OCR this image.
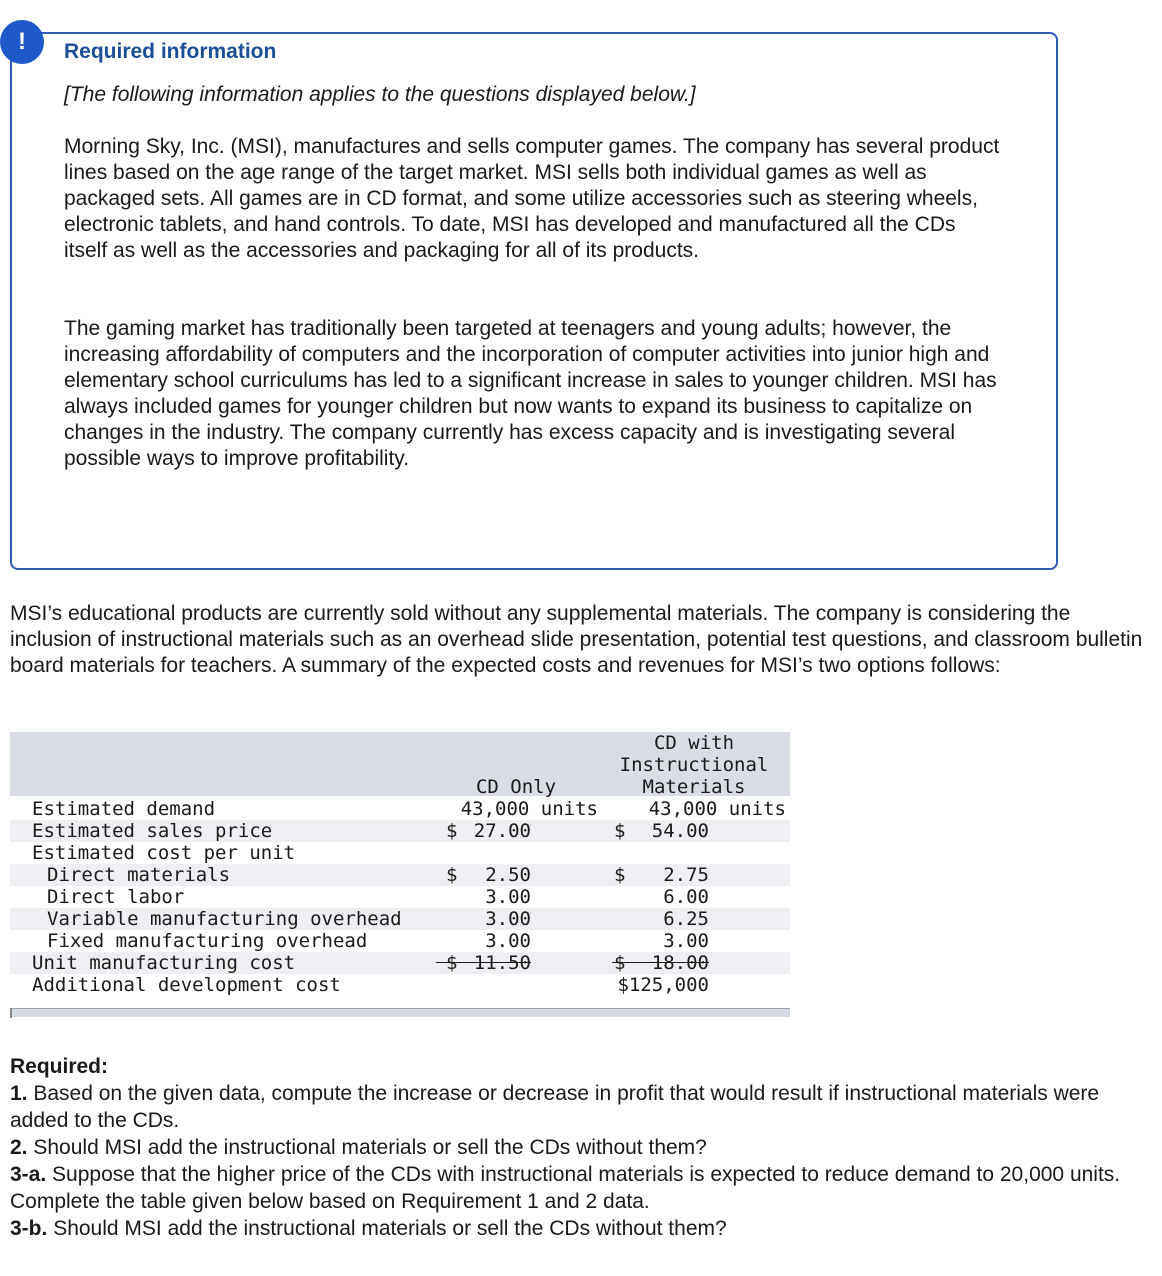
!	Required information
[The following information applies to the questions displayed below.]

Morning Sky, Inc. (MSI), manufactures and sells computer games. The company has several product lines based on the age range of the target market. MSI sells both individual games as well as packaged sets. All games are in CD format, and some utilize accessories such as steering wheels, electronic tablets, and hand controls. To date, MSI has developed and manufactured all the CDs itself as well as the accessories and packaging for all of its products.

The gaming market has traditionally been targeted at teenagers and young adults; however, the increasing affordability of computers and the incorporation of computer activities into junior high and elementary school curriculums has led to a significant increase in sales to younger children. MSI has always included games for younger children but now wants to expand its business to capitalize on changes in the industry. The company currently has excess capacity and is investigating several possible ways to improve profitability.

MSI’s educational products are currently sold without any supplemental materials. The company is considering the inclusion of instructional materials such as an overhead slide presentation, potential test questions, and classroom bulletin board materials for teachers. A summary of the expected costs and revenues for MSI’s two options follows:

CD with
Instructional
CD Only	Materials
Estimated demand	43,000 units	43,000 units
Estimated sales price	$ 27.00	$	54.00
Estimated cost per unit
Direct materials	$	2.50	$	2.75
Direct labor	3.00	6.00
Variable manufacturing overhead	3.00	6.25
Fixed manufacturing overhead	3.00	3.00
Unit manufacturing cost	$ 11.50	$	18.00
Additional development cost	$125,000

Required:

1. Based on the given data, compute the increase or decrease in profit that would result if instructional materials were added to the CDs.

2. Should MSI add the instructional materials or sell the CDs without them?

3-a. Suppose that the higher price of the CDs with instructional materials is expected to reduce demand to 20,000 units. Complete the table given below based on Requirement 1 and 2 data.

3-b. Should MSI add the instructional materials or sell the CDs without them?
